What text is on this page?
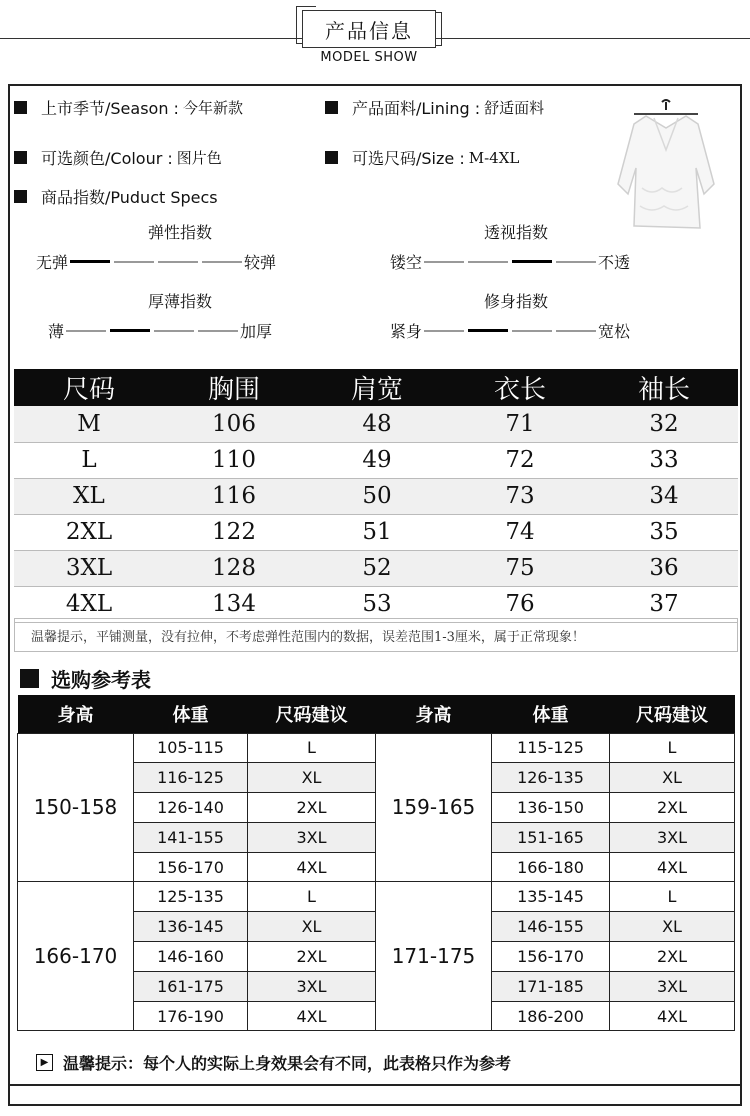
产品信息
MODEL SHOW
上市季节/Season : 今年新款	产品面料/Lining : 舒适面料
可选颜色/Colour : 图片色	可选尺码/Size : M-4XL
商品指数/Puduct Specs
弹性指数
无弹	较弹
透视指数
镂空	不透
厚薄指数
薄	加厚
修身指数
紧身	宽松
尺码	胸围	肩宽	衣长	袖长
M	106	48	71	32
L	110	49	72	33
XL	116	50	73	34
2XL	122	51	74	35
3XL	128	52	75	36
4XL	134	53	76	37
温馨提示，平铺测量，没有拉伸，不考虑弹性范围内的数据，误差范围1-3厘米，属于正常现象！
选购参考表
身高	体重	尺码建议	身高	体重	尺码建议
150-158	105-115	L	159-165	115-125	L
	116-125	XL		126-135	XL
	126-140	2XL		136-150	2XL
	141-155	3XL		151-165	3XL
	156-170	4XL		166-180	4XL
166-170	125-135	L	171-175	135-145	L
	136-145	XL		146-155	XL
	146-160	2XL		156-170	2XL
	161-175	3XL		171-185	3XL
	176-190	4XL		186-200	4XL
▶ 温馨提示：每个人的实际上身效果会有不同，此表格只作为参考
